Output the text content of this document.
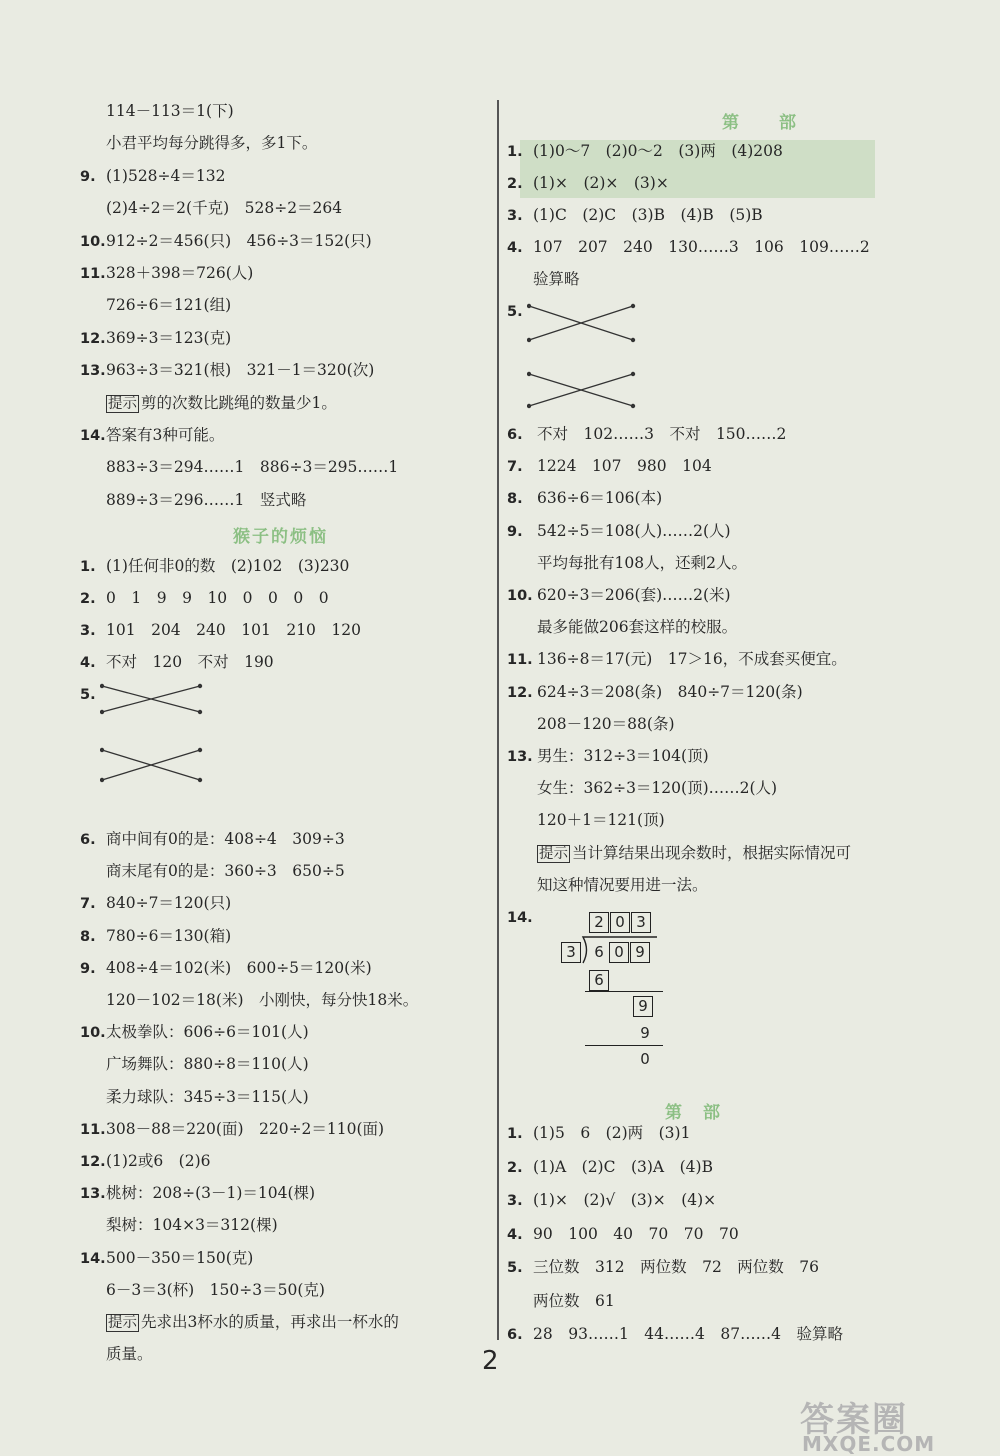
114－113＝1(下)
小君平均每分跳得多，多1下。
9. (1)528÷4＝132
(2)4÷2＝2(千克)　528÷2＝264
10.912÷2＝456(只)　456÷3＝152(只)
11.328＋398＝726(人)
726÷6＝121(组)
12.369÷3＝123(克)
13.963÷3＝321(根)　321－1＝320(次)
提示 剪的次数比跳绳的数量少1。
14.答案有3种可能。
883÷3＝294……1　886÷3＝295……1
889÷3＝296……1　竖式略
猴子的烦恼
1. (1)任何非0的数　(2)102　(3)230
2. 0　1　9　9　10　0　0　0　0
3. 101　204　240　101　210　120
4. 不对　120　不对　190
5.
6. 商中间有0的是：408÷4　309÷3
商末尾有0的是：360÷3　650÷5
7. 840÷7＝120(只)
8. 780÷6＝130(箱)
9. 408÷4＝102(米)　600÷5＝120(米)
120－102＝18(米)　小刚快，每分快18米。
10.太极拳队：606÷6＝101(人)
广场舞队：880÷8＝110(人)
柔力球队：345÷3＝115(人)
11.308－88＝220(面)　220÷2＝110(面)
12.(1)2或6　(2)6
13.桃树：208÷(3－1)＝104(棵)
梨树：104×3＝312(棵)
14.500－350＝150(克)
6－3＝3(杯)　150÷3＝50(克)
提示 先求出3杯水的质量，再求出一杯水的
质量。
第　　部
1. (1)0～7　(2)0～2　(3)两　(4)208
2. (1)×　(2)×　(3)×
3. (1)C　(2)C　(3)B　(4)B　(5)B
4. 107　207　240　130……3　106　109……2
验算略
5.
6. 不对　102……3　不对　150……2
7. 1224　107　980　104
8. 636÷6＝106(本)
9. 542÷5＝108(人)……2(人)
平均每批有108人，还剩2人。
10. 620÷3＝206(套)……2(米)
最多能做206套这样的校服。
11. 136÷8＝17(元)　17＞16，不成套买便宜。
12. 624÷3＝208(条)　840÷7＝120(条)
208－120＝88(条)
13. 男生：312÷3＝104(顶)
女生：362÷3＝120(顶)……2(人)
120＋1＝121(顶)
提示 当计算结果出现余数时，根据实际情况可
知这种情况要用进一法。
14.
第　部
1. (1)5　6　(2)两　(3)1
2. (1)A　(2)C　(3)A　(4)B
3. (1)×　(2)√　(3)×　(4)×
4. 90　100　40　70　70　70
5. 三位数　312　两位数　72　两位数　76
两位数　61
6. 28　93……1　44……4　87……4　验算略
2 0 3
3	6 0 9
6
9
9
0
2
答案圈
MXQE.COM
